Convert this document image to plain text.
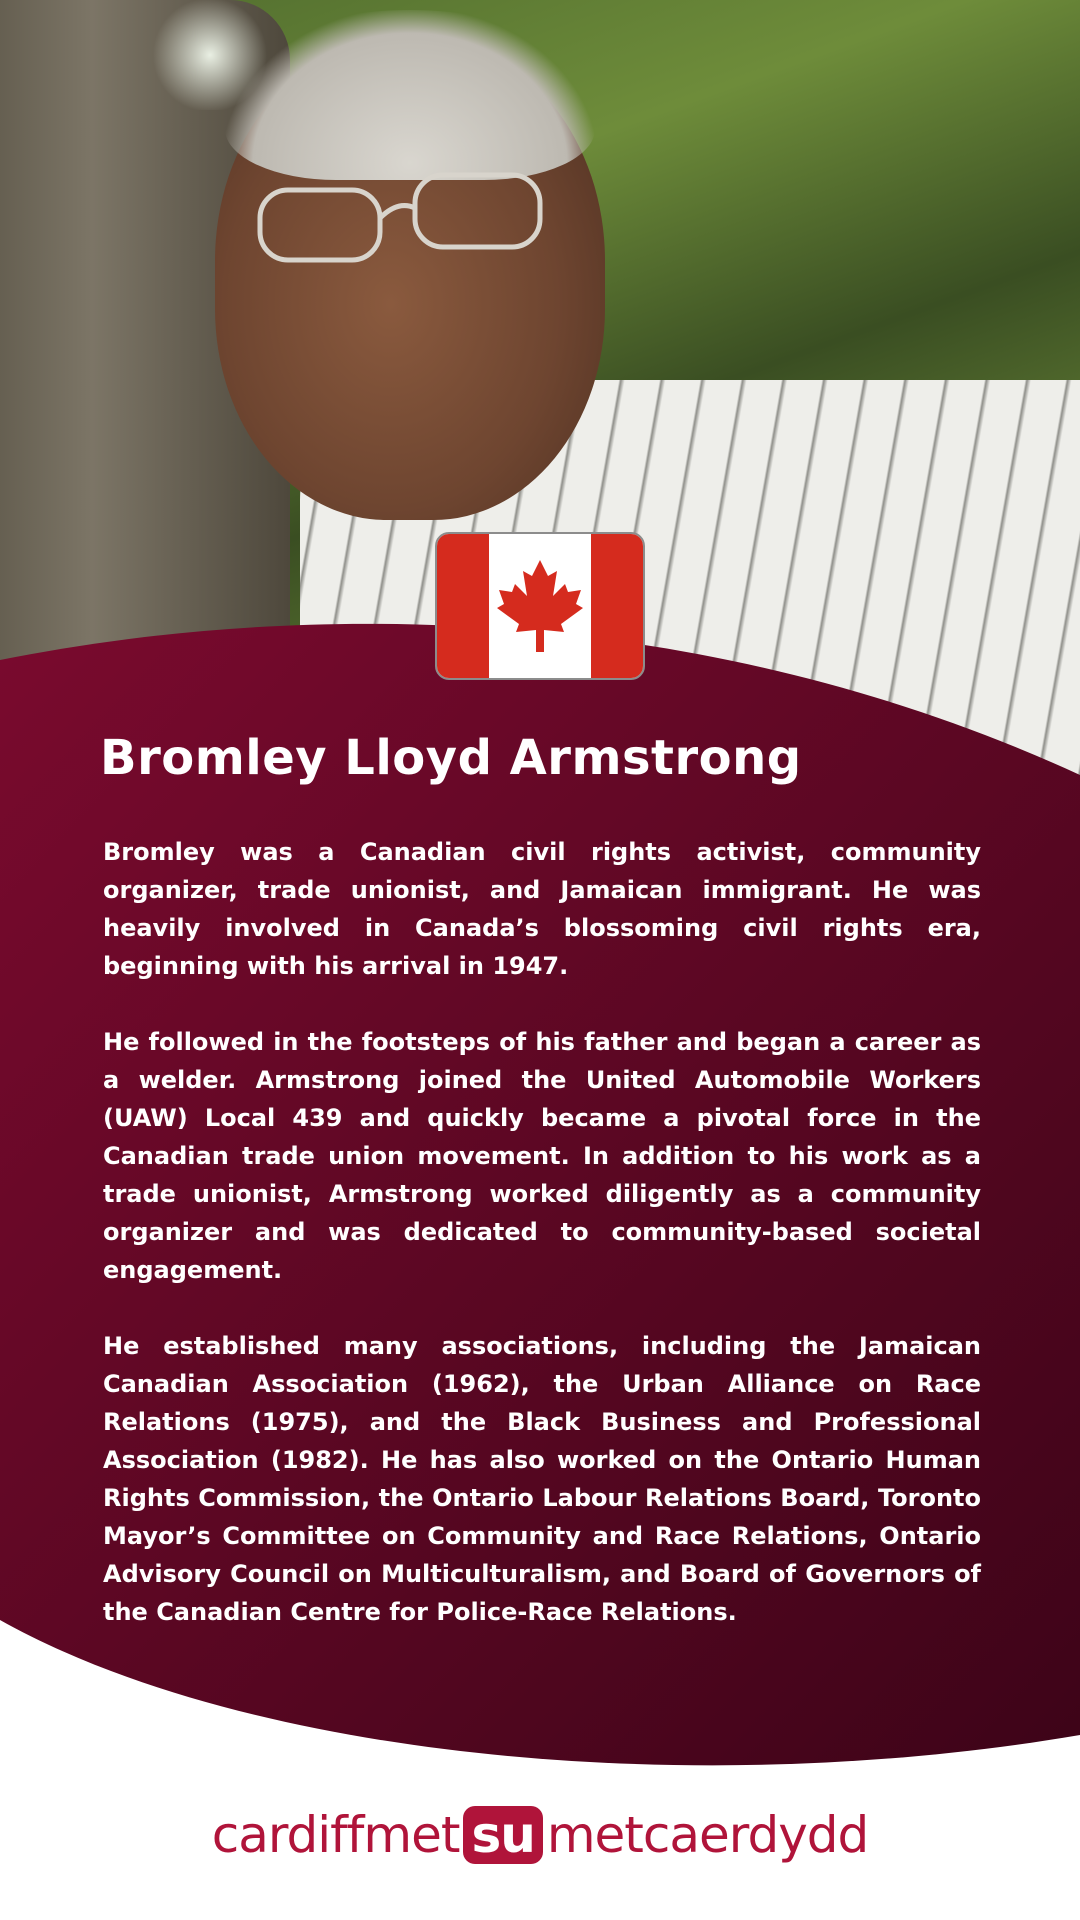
Bromley Lloyd Armstrong

Bromley was a Canadian civil rights activist, community organizer, trade unionist, and Jamaican immigrant. He was heavily involved in Canada’s blossoming civil rights era, beginning with his arrival in 1947.

He followed in the footsteps of his father and began a career as a welder. Armstrong joined the United Automobile Workers (UAW) Local 439 and quickly became a pivotal force in the Canadian trade union movement. In addition to his work as a trade unionist, Armstrong worked diligently as a community organizer and was dedicated to community-based societal engagement.

He established many associations, including the Jamaican Canadian Association (1962), the Urban Alliance on Race Relations (1975), and the Black Business and Professional Association (1982). He has also worked on the Ontario Human Rights Commission, the Ontario Labour Relations Board, Toronto Mayor’s Committee on Community and Race Relations, Ontario Advisory Council on Multiculturalism, and Board of Governors of the Canadian Centre for Police-Race Relations.

cardiffmet su metcaerdydd
